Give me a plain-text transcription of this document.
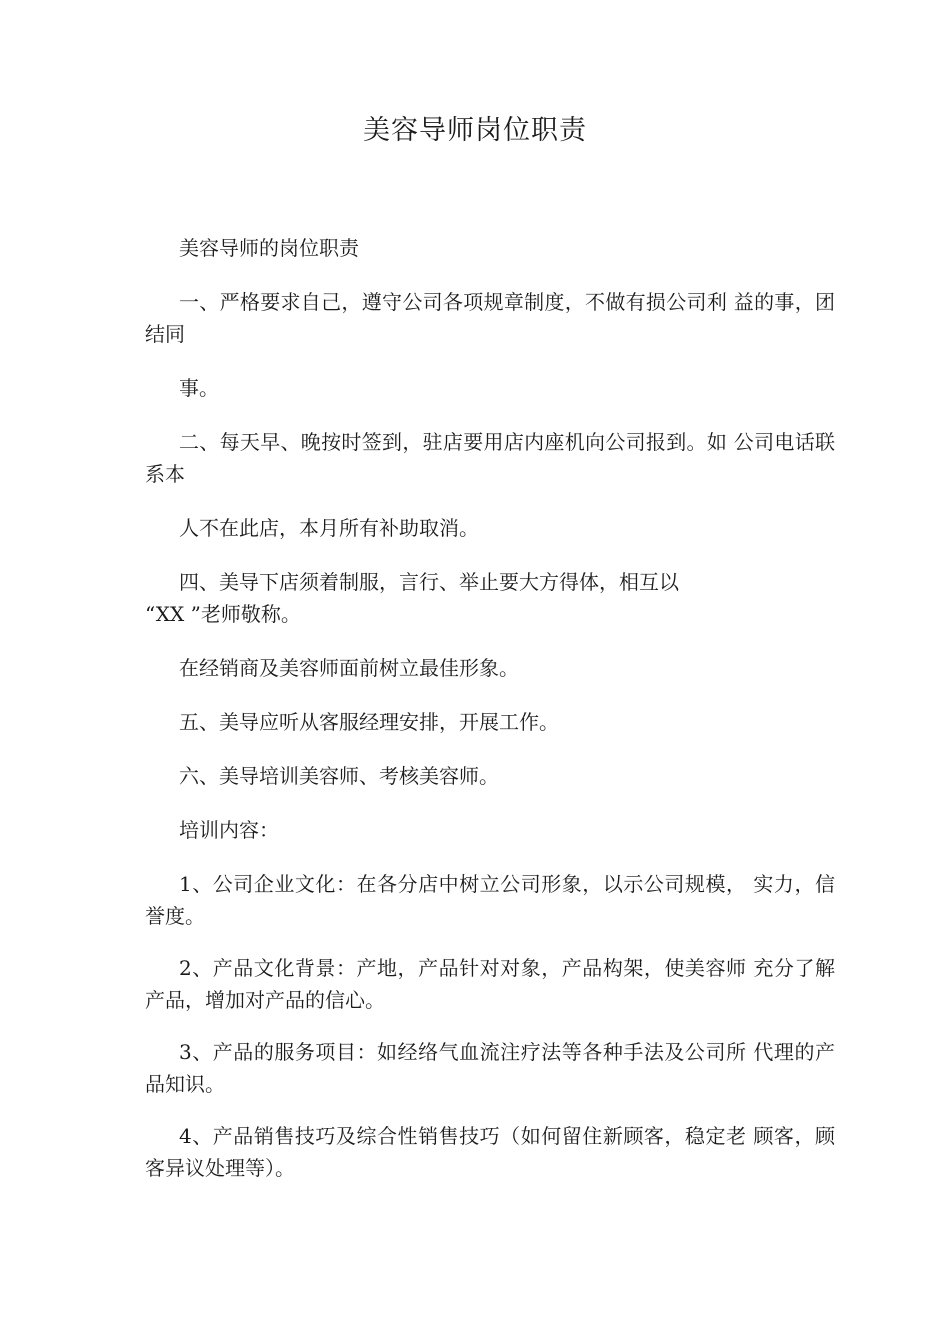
美容导师岗位职责

美容导师的岗位职责

一、严格要求自己，遵守公司各项规章制度，不做有损公司利 益的事，团结同

事。

二、每天早、晚按时签到，驻店要用店内座机向公司报到。如 公司电话联系本

人不在此店，本月所有补助取消。

四、美导下店须着制服，言行、举止要大方得体，相互以

“XX ”老师敬称。

在经销商及美容师面前树立最佳形象。

五、美导应听从客服经理安排，开展工作。

六、美导培训美容师、考核美容师。

培训内容：

1、公司企业文化：在各分店中树立公司形象，以示公司规模， 实力，信誉度。

2、产品文化背景：产地，产品针对对象，产品构架，使美容师 充分了解产品，增加对产品的信心。

3、产品的服务项目：如经络气血流注疗法等各种手法及公司所 代理的产品知识。

4、产品销售技巧及综合性销售技巧（如何留住新顾客，稳定老 顾客，顾客异议处理等）。
